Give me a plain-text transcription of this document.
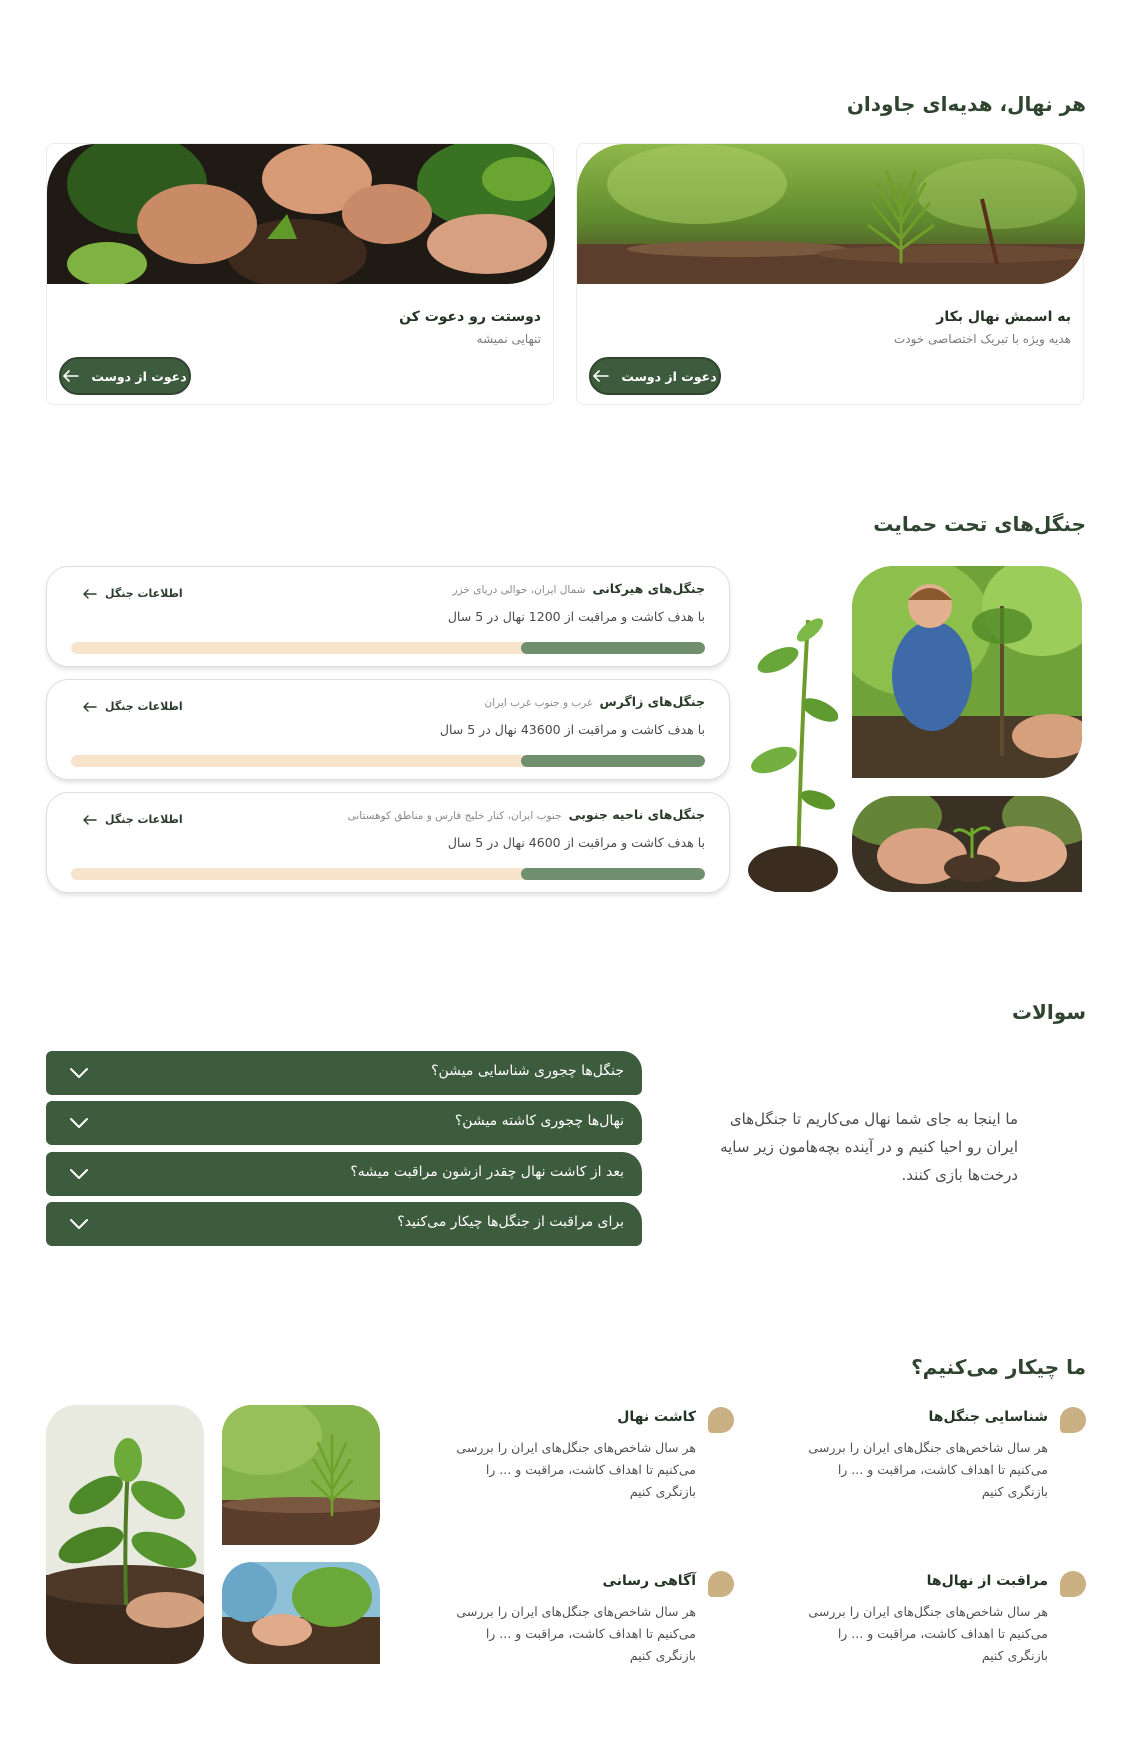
هر نهال، هدیه‌ای جاودان
به اسمش نهال بکار
هدیه ویژه با تبریک اختصاصی خودت
دعوت از دوست
دوستت رو دعوت کن
تنهایی نمیشه
دعوت از دوست
جنگل‌های تحت حمایت
جنگل‌های هیرکانی شمال ایران، حوالی دریای خزر
با هدف کاشت و مراقبت از 1200 نهال در 5 سال
اطلاعات جنگل
جنگل‌های زاگرس غرب و جنوب غرب ایران
با هدف کاشت و مراقبت از 43600 نهال در 5 سال
اطلاعات جنگل
جنگل‌های ناحیه جنوبی جنوب ایران، کنار خلیج فارس و مناطق کوهستانی
با هدف کاشت و مراقبت از 4600 نهال در 5 سال
اطلاعات جنگل
سوالات
جنگل‌ها چجوری شناسایی میشن؟
نهال‌ها چجوری کاشته میشن؟
بعد از کاشت نهال چقدر ازشون مراقبت میشه؟
برای مراقبت از جنگل‌ها چیکار می‌کنید؟
ما اینجا به جای شما نهال می‌کاریم تا جنگل‌های ایران رو احیا کنیم و در آینده بچه‌هامون زیر سایه درخت‌ها بازی کنند.
ما چیکار می‌کنیم؟
شناسایی جنگل‌ها
هر سال شاخص‌های جنگل‌های ایران را بررسی می‌کنیم تا اهداف کاشت، مراقبت و ... را بازنگری کنیم
کاشت نهال
هر سال شاخص‌های جنگل‌های ایران را بررسی می‌کنیم تا اهداف کاشت، مراقبت و ... را بازنگری کنیم
مراقبت از نهال‌ها
هر سال شاخص‌های جنگل‌های ایران را بررسی می‌کنیم تا اهداف کاشت، مراقبت و ... را بازنگری کنیم
آگاهی رسانی
هر سال شاخص‌های جنگل‌های ایران را بررسی می‌کنیم تا اهداف کاشت، مراقبت و ... را بازنگری کنیم
